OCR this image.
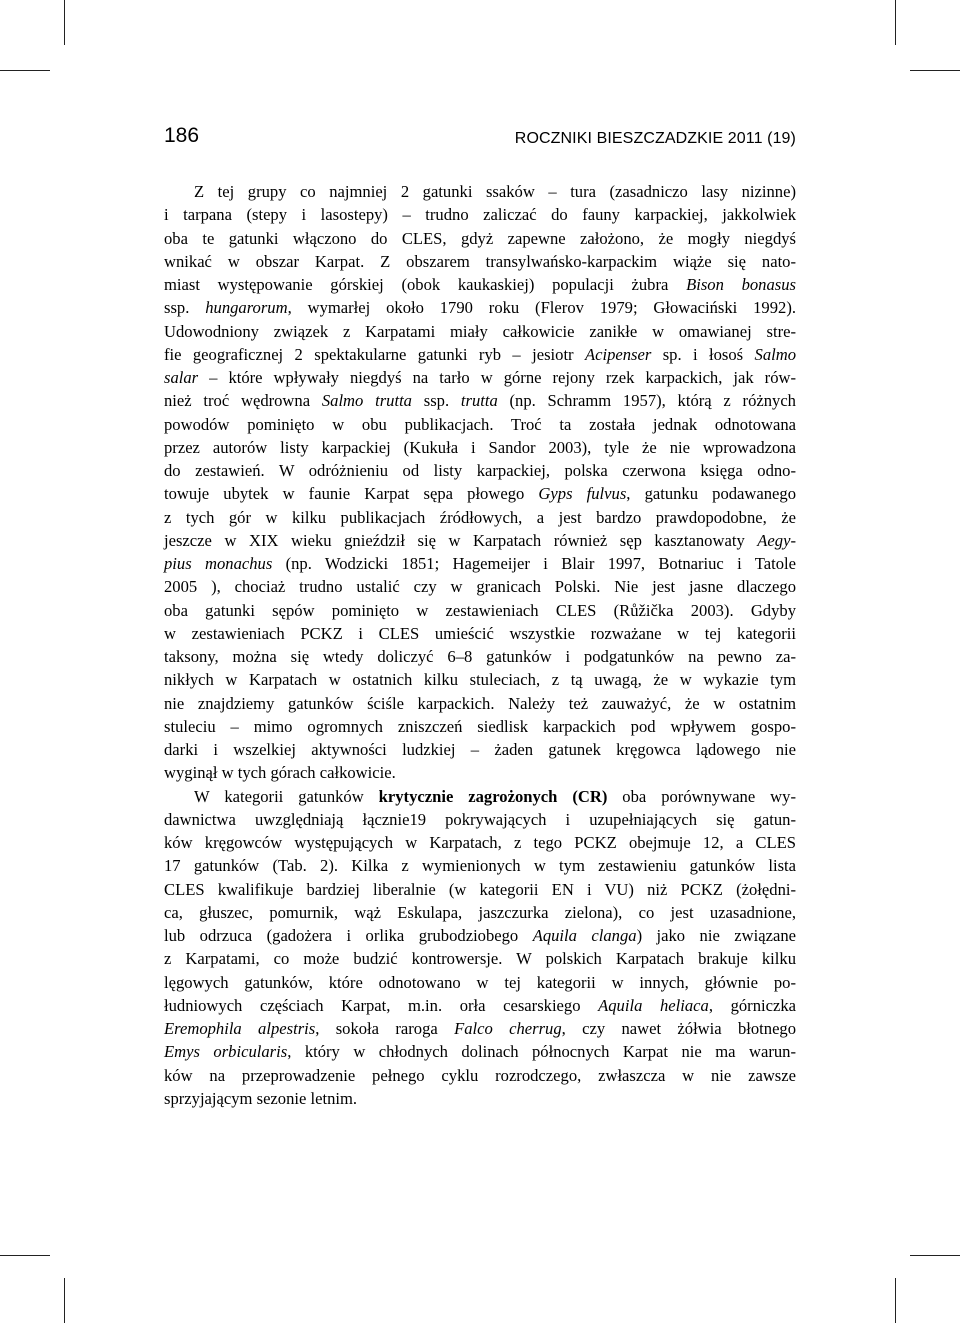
186	ROCZNIKI BIESZCZADZKIE 2011 (19)
Z tej grupy co najmniej 2 gatunki ssaków – tura (zasadniczo lasy nizinne)
i tarpana (stepy i lasostepy) – trudno zaliczać do fauny karpackiej, jakkolwiek
oba te gatunki włączono do CLES, gdyż zapewne założono, że mogły niegdyś
wnikać w obszar Karpat. Z obszarem transylwańsko-karpackim wiąże się nato-
miast występowanie górskiej (obok kaukaskiej) populacji żubra Bison bonasus
ssp. hungarorum, wymarłej około 1790 roku (Flerov 1979; Głowaciński 1992).
Udowodniony związek z Karpatami miały całkowicie zanikłe w omawianej stre-
fie geograficznej 2 spektakularne gatunki ryb – jesiotr Acipenser sp. i łosoś Salmo
salar – które wpływały niegdyś na tarło w górne rejony rzek karpackich, jak rów-
nież troć wędrowna Salmo trutta ssp. trutta (np. Schramm 1957), którą z różnych
powodów pominięto w obu publikacjach. Troć ta została jednak odnotowana
przez autorów listy karpackiej (Kukuła i Sandor 2003), tyle że nie wprowadzona
do zestawień. W odróżnieniu od listy karpackiej, polska czerwona księga odno-
towuje ubytek w faunie Karpat sępa płowego Gyps fulvus, gatunku podawanego
z tych gór w kilku publikacjach źródłowych, a jest bardzo prawdopodobne, że
jeszcze w XIX wieku gnieździł się w Karpatach również sęp kasztanowaty Aegy-
pius monachus (np. Wodzicki 1851; Hagemeijer i Blair 1997, Botnariuc i Tatole
2005 ), chociaż trudno ustalić czy w granicach Polski. Nie jest jasne dlaczego
oba gatunki sępów pominięto w zestawieniach CLES (Růžička 2003). Gdyby
w zestawieniach PCKZ i CLES umieścić wszystkie rozważane w tej kategorii
taksony, można się wtedy doliczyć 6–8 gatunków i podgatunków na pewno za-
nikłych w Karpatach w ostatnich kilku stuleciach, z tą uwagą, że w wykazie tym
nie znajdziemy gatunków ściśle karpackich. Należy też zauważyć, że w ostatnim
stuleciu – mimo ogromnych zniszczeń siedlisk karpackich pod wpływem gospo-
darki i wszelkiej aktywności ludzkiej – żaden gatunek kręgowca lądowego nie
wyginął w tych górach całkowicie.
W kategorii gatunków krytycznie zagrożonych (CR) oba porównywane wy-
dawnictwa uwzględniają łącznie19 pokrywających i uzupełniających się gatun-
ków kręgowców występujących w Karpatach, z tego PCKZ obejmuje 12, a CLES
17 gatunków (Tab. 2). Kilka z wymienionych w tym zestawieniu gatunków lista
CLES kwalifikuje bardziej liberalnie (w kategorii EN i VU) niż PCKZ (żołędni-
ca, głuszec, pomurnik, wąż Eskulapa, jaszczurka zielona), co jest uzasadnione,
lub odrzuca (gadożera i orlika grubodziobego Aquila clanga) jako nie związane
z Karpatami, co może budzić kontrowersje. W polskich Karpatach brakuje kilku
lęgowych gatunków, które odnotowano w tej kategorii w innych, głównie po-
łudniowych częściach Karpat, m.in. orła cesarskiego Aquila heliaca, górniczka
Eremophila alpestris, sokoła raroga Falco cherrug, czy nawet żółwia błotnego
Emys orbicularis, który w chłodnych dolinach północnych Karpat nie ma warun-
ków na przeprowadzenie pełnego cyklu rozrodczego, zwłaszcza w nie zawsze
sprzyjającym sezonie letnim.
